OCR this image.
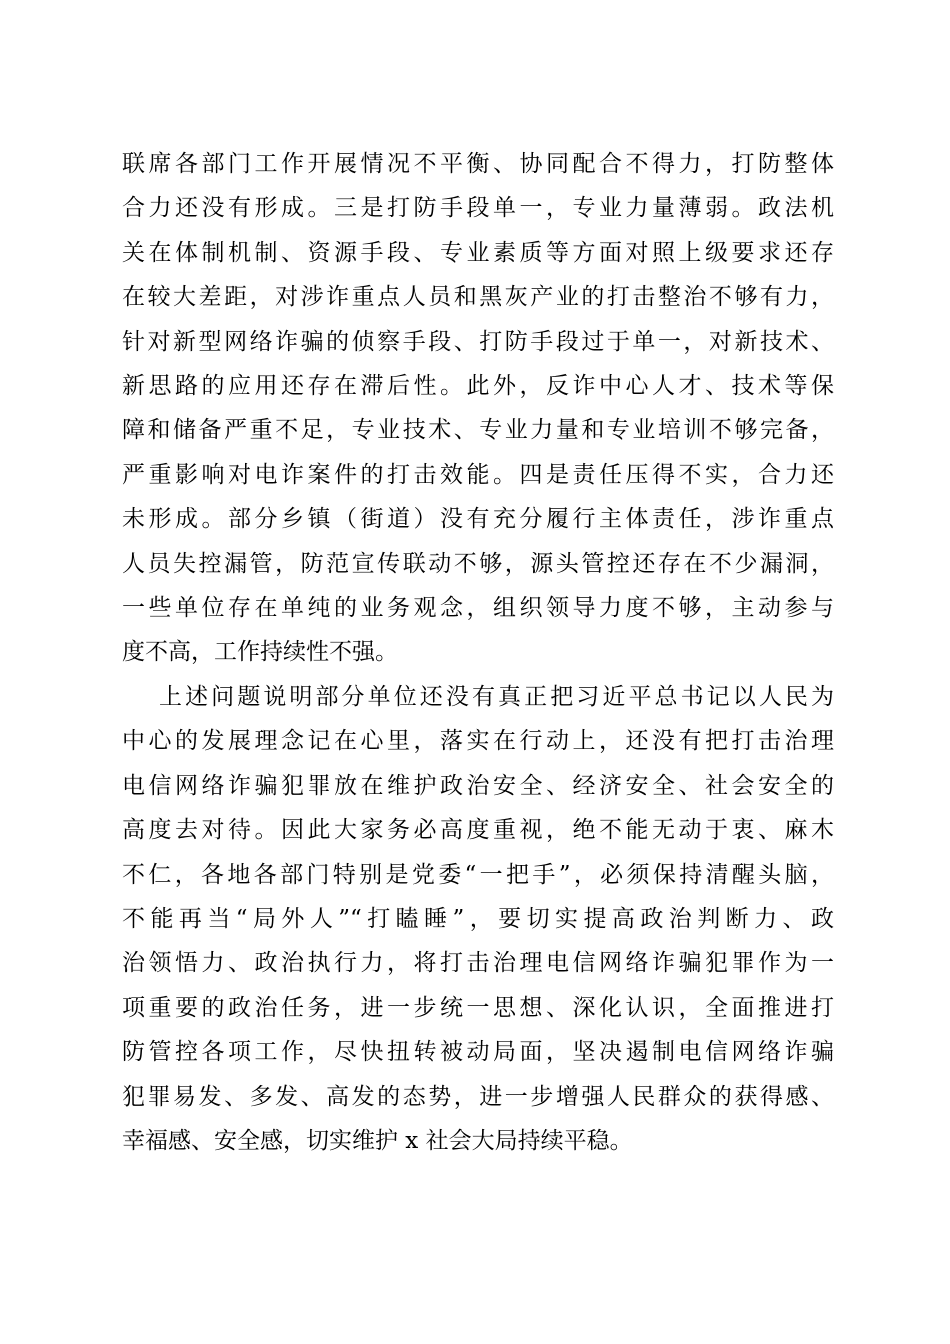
联席各部门工作开展情况不平衡、协同配合不得力，打防整体
合力还没有形成。三是打防手段单一，专业力量薄弱。政法机
关在体制机制、资源手段、专业素质等方面对照上级要求还存
在较大差距，对涉诈重点人员和黑灰产业的打击整治不够有力，
针对新型网络诈骗的侦察手段、打防手段过于单一，对新技术、
新思路的应用还存在滞后性。此外，反诈中心人才、技术等保
障和储备严重不足，专业技术、专业力量和专业培训不够完备，
严重影响对电诈案件的打击效能。四是责任压得不实，合力还
未形成。部分乡镇（街道）没有充分履行主体责任，涉诈重点
人员失控漏管，防范宣传联动不够，源头管控还存在不少漏洞，
一些单位存在单纯的业务观念，组织领导力度不够，主动参与
度不高，工作持续性不强。
上述问题说明部分单位还没有真正把习近平总书记以人民为
中心的发展理念记在心里，落实在行动上，还没有把打击治理
电信网络诈骗犯罪放在维护政治安全、经济安全、社会安全的
高度去对待。因此大家务必高度重视，绝不能无动于衷、麻木
不仁，各地各部门特别是党委“一把手”，必须保持清醒头脑，
不能再当“局外人”“打瞌睡”，要切实提高政治判断力、政
治领悟力、政治执行力，将打击治理电信网络诈骗犯罪作为一
项重要的政治任务，进一步统一思想、深化认识，全面推进打
防管控各项工作，尽快扭转被动局面，坚决遏制电信网络诈骗
犯罪易发、多发、高发的态势，进一步增强人民群众的获得感、
幸福感、安全感，切实维护 x 社会大局持续平稳。
